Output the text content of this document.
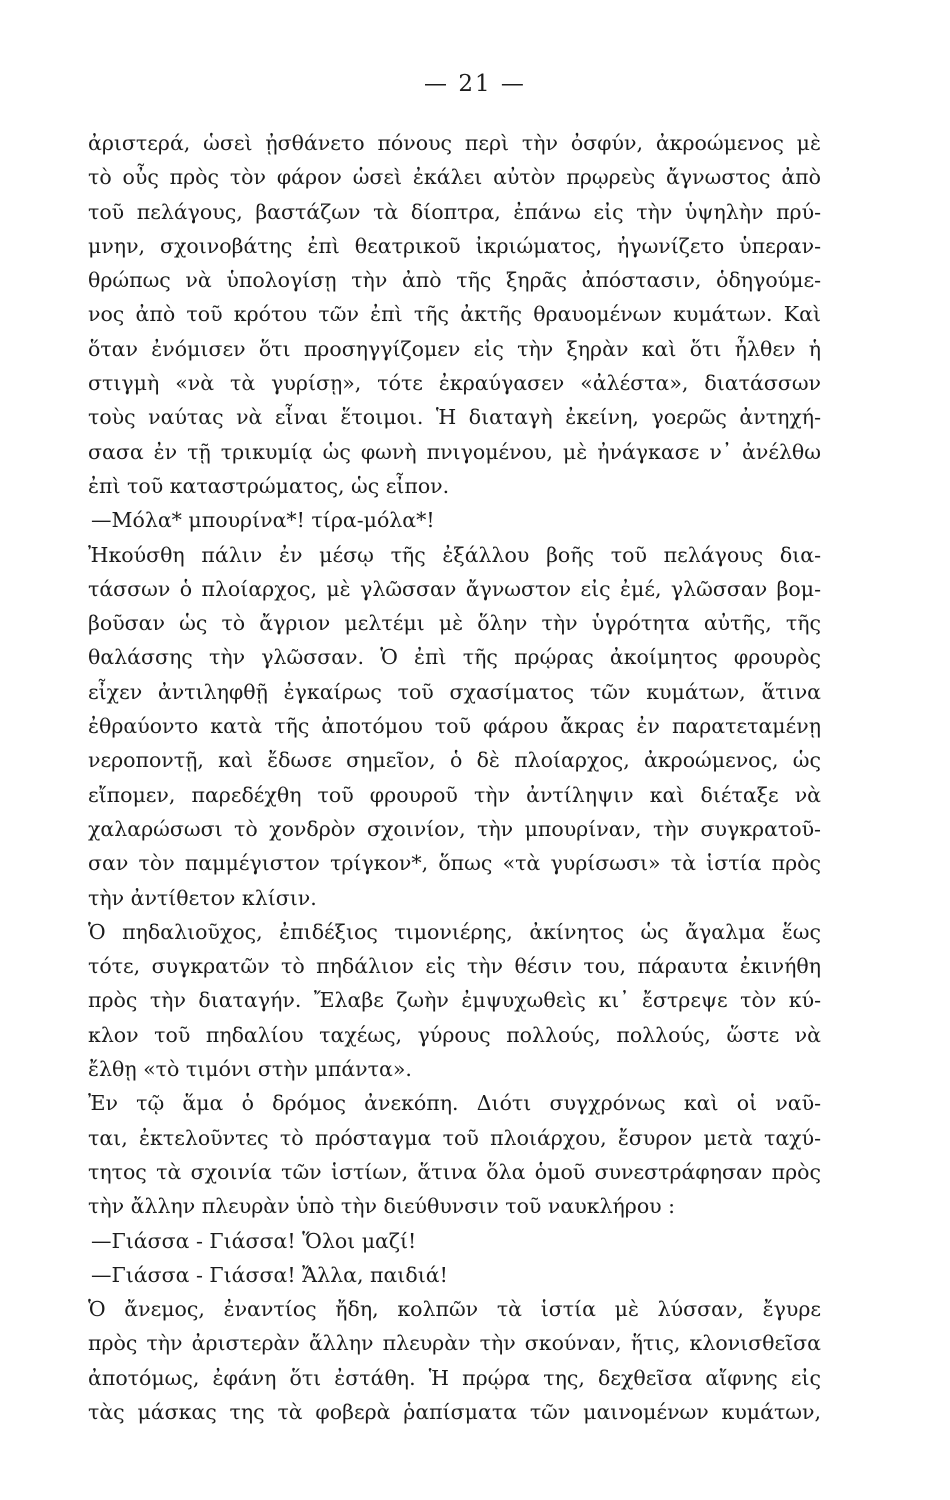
— 21 —
ἀριστερά, ὡσεὶ ᾐσθάνετο πόνους περὶ τὴν ὀσφύν, ἀκροώμενος μὲ
τὸ οὖς πρὸς τὸν φάρον ὡσεὶ ἐκάλει αὐτὸν πρῳρεὺς ἄγνωστος ἀπὸ
τοῦ πελάγους, βαστάζων τὰ δίοπτρα, ἐπάνω εἰς τὴν ὑψηλὴν πρύ-
μνην, σχοινοβάτης ἐπὶ θεατρικοῦ ἰκριώματος, ἠγωνίζετο ὑπεραν-
θρώπως νὰ ὑπολογίσῃ τὴν ἀπὸ τῆς ξηρᾶς ἀπόστασιν, ὁδηγούμε-
νος ἀπὸ τοῦ κρότου τῶν ἐπὶ τῆς ἀκτῆς θραυομένων κυμάτων. Καὶ
ὅταν ἐνόμισεν ὅτι προσηγγίζομεν εἰς τὴν ξηρὰν καὶ ὅτι ἦλθεν ἡ
στιγμὴ «νὰ τὰ γυρίσῃ», τότε ἐκραύγασεν «ἀλέστα», διατάσσων
τοὺς ναύτας νὰ εἶναι ἕτοιμοι. Ἡ διαταγὴ ἐκείνη, γοερῶς ἀντηχή-
σασα ἐν τῇ τρικυμίᾳ ὡς φωνὴ πνιγομένου, μὲ ἠνάγκασε ν᾽ ἀνέλθω
ἐπὶ τοῦ καταστρώματος, ὡς εἶπον.
—Μόλα* μπουρίνα*! τίρα-μόλα*!
Ἠκούσθη πάλιν ἐν μέσῳ τῆς ἐξάλλου βοῆς τοῦ πελάγους δια-
τάσσων ὁ πλοίαρχος, μὲ γλῶσσαν ἄγνωστον εἰς ἐμέ, γλῶσσαν βομ-
βοῦσαν ὡς τὸ ἄγριον μελτέμι μὲ ὅλην τὴν ὑγρότητα αὐτῆς, τῆς
θαλάσσης τὴν γλῶσσαν. Ὁ ἐπὶ τῆς πρῴρας ἀκοίμητος φρουρὸς
εἶχεν ἀντιληφθῇ ἐγκαίρως τοῦ σχασίματος τῶν κυμάτων, ἅτινα
ἐθραύοντο κατὰ τῆς ἀποτόμου τοῦ φάρου ἄκρας ἐν παρατεταμένῃ
νεροποντῇ, καὶ ἔδωσε σημεῖον, ὁ δὲ πλοίαρχος, ἀκροώμενος, ὡς
εἴπομεν, παρεδέχθη τοῦ φρουροῦ τὴν ἀντίληψιν καὶ διέταξε νὰ
χαλαρώσωσι τὸ χονδρὸν σχοινίον, τὴν μπουρίναν, τὴν συγκρατοῦ-
σαν τὸν παμμέγιστον τρίγκον*, ὅπως «τὰ γυρίσωσι» τὰ ἱστία πρὸς
τὴν ἀντίθετον κλίσιν.
Ὁ πηδαλιοῦχος, ἐπιδέξιος τιμονιέρης, ἀκίνητος ὡς ἄγαλμα ἕως
τότε, συγκρατῶν τὸ πηδάλιον εἰς τὴν θέσιν του, πάραυτα ἐκινήθη
πρὸς τὴν διαταγήν. Ἔλαβε ζωὴν ἐμψυχωθεὶς κι᾽ ἔστρεψε τὸν κύ-
κλον τοῦ πηδαλίου ταχέως, γύρους πολλούς, πολλούς, ὥστε νὰ
ἔλθῃ «τὸ τιμόνι στὴν μπάντα».
Ἐν τῷ ἅμα ὁ δρόμος ἀνεκόπη. Διότι συγχρόνως καὶ οἱ ναῦ-
ται, ἐκτελοῦντες τὸ πρόσταγμα τοῦ πλοιάρχου, ἔσυρον μετὰ ταχύ-
τητος τὰ σχοινία τῶν ἱστίων, ἅτινα ὅλα ὁμοῦ συνεστράφησαν πρὸς
τὴν ἄλλην πλευρὰν ὑπὸ τὴν διεύθυνσιν τοῦ ναυκλήρου :
—Γιάσσα - Γιάσσα! Ὅλοι μαζί!
—Γιάσσα - Γιάσσα! Ἄλλα, παιδιά!
Ὁ ἄνεμος, ἐναντίος ἤδη, κολπῶν τὰ ἱστία μὲ λύσσαν, ἔγυρε
πρὸς τὴν ἀριστερὰν ἄλλην πλευρὰν τὴν σκούναν, ἥτις, κλονισθεῖσα
ἀποτόμως, ἐφάνη ὅτι ἐστάθη. Ἡ πρῴρα της, δεχθεῖσα αἴφνης εἰς
τὰς μάσκας της τὰ φοβερὰ ῥαπίσματα τῶν μαινομένων κυμάτων,
